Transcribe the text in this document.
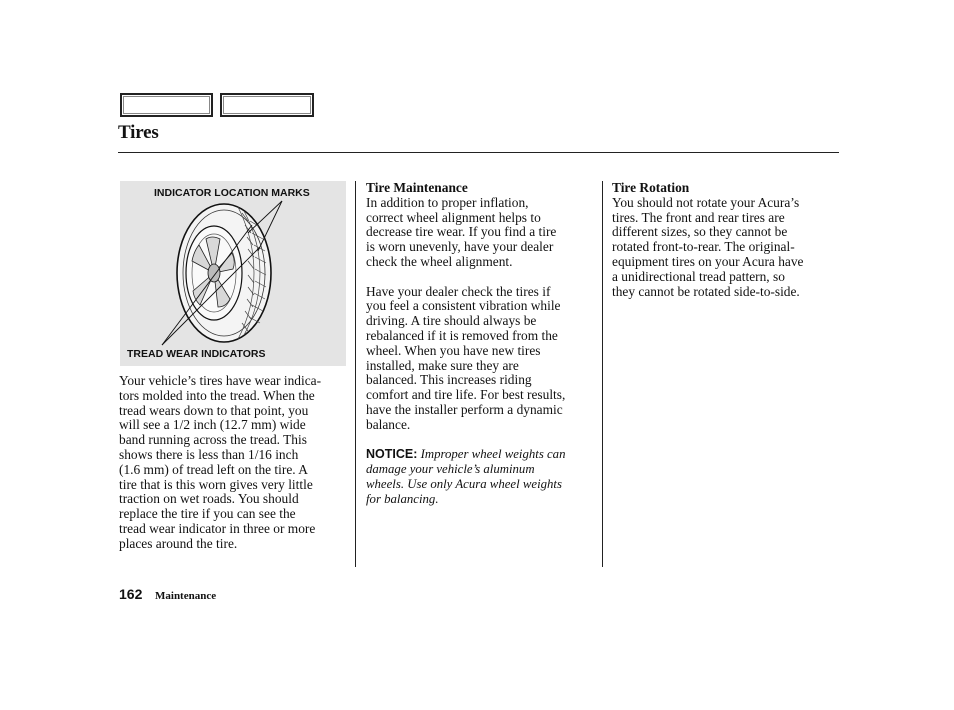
Tires
INDICATOR LOCATION MARKS
TREAD WEAR INDICATORS

Your vehicle’s tires have wear indica-

tors molded into the tread. When the

tread wears down to that point, you

will see a 1/2 inch (12.7 mm) wide

band running across the tread. This

shows there is less than 1/16 inch

(1.6 mm) of tread left on the tire. A

tire that is this worn gives very little

traction on wet roads. You should

replace the tire if you can see the

tread wear indicator in three or more

places around the tire.

Tire Maintenance

In addition to proper inflation,

correct wheel alignment helps to

decrease tire wear. If you find a tire

is worn unevenly, have your dealer

check the wheel alignment.

Have your dealer check the tires if

you feel a consistent vibration while

driving. A tire should always be

rebalanced if it is removed from the

wheel. When you have new tires

installed, make sure they are

balanced. This increases riding

comfort and tire life. For best results,

have the installer perform a dynamic

balance.

NOTICE: Improper wheel weights can

damage your vehicle’s aluminum

wheels. Use only Acura wheel weights

for balancing.

Tire Rotation

You should not rotate your Acura’s

tires. The front and rear tires are

different sizes, so they cannot be

rotated front-to-rear. The original-

equipment tires on your Acura have

a unidirectional tread pattern, so

they cannot be rotated side-to-side.

162 Maintenance
